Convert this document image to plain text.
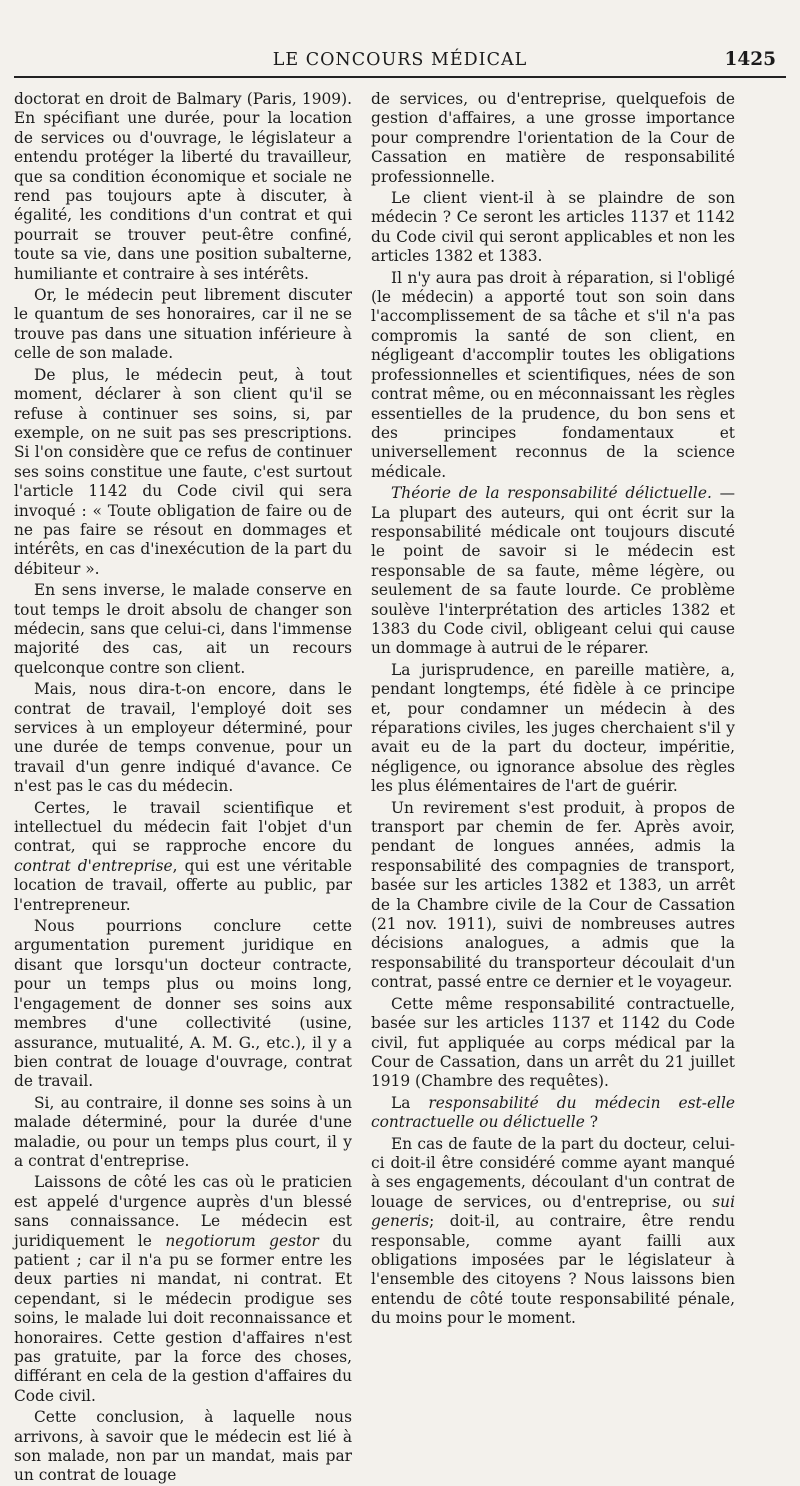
LE CONCOURS MÉDICAL	1425

doctorat en droit de Balmary (Paris, 1909). En spécifiant une durée, pour la location de services ou d'ouvrage, le législateur a entendu protéger la liberté du travailleur, que sa condition économique et sociale ne rend pas toujours apte à discuter, à égalité, les conditions d'un contrat et qui pourrait se trouver peut-être confiné, toute sa vie, dans une position subalterne, humiliante et contraire à ses intérêts.

Or, le médecin peut librement discuter le quantum de ses honoraires, car il ne se trouve pas dans une situation inférieure à celle de son malade.

De plus, le médecin peut, à tout moment, déclarer à son client qu'il se refuse à continuer ses soins, si, par exemple, on ne suit pas ses prescriptions. Si l'on considère que ce refus de continuer ses soins constitue une faute, c'est surtout l'article 1142 du Code civil qui sera invoqué : « Toute obligation de faire ou de ne pas faire se résout en dommages et intérêts, en cas d'inexécution de la part du débiteur ».

En sens inverse, le malade conserve en tout temps le droit absolu de changer son médecin, sans que celui-ci, dans l'immense majorité des cas, ait un recours quelconque contre son client.

Mais, nous dira-t-on encore, dans le contrat de travail, l'employé doit ses services à un employeur déterminé, pour une durée de temps convenue, pour un travail d'un genre indiqué d'avance. Ce n'est pas le cas du médecin.

Certes, le travail scientifique et intellectuel du médecin fait l'objet d'un contrat, qui se rapproche encore du contrat d'entreprise, qui est une véritable location de travail, offerte au public, par l'entrepreneur.

Nous pourrions conclure cette argumentation purement juridique en disant que lorsqu'un docteur contracte, pour un temps plus ou moins long, l'engagement de donner ses soins aux membres d'une collectivité (usine, assurance, mutualité, A. M. G., etc.), il y a bien contrat de louage d'ouvrage, contrat de travail.

Si, au contraire, il donne ses soins à un malade déterminé, pour la durée d'une maladie, ou pour un temps plus court, il y a contrat d'entreprise.

Laissons de côté les cas où le praticien est appelé d'urgence auprès d'un blessé sans connaissance. Le médecin est juridiquement le negotiorum gestor du patient ; car il n'a pu se former entre les deux parties ni mandat, ni contrat. Et cependant, si le médecin prodigue ses soins, le malade lui doit reconnaissance et honoraires. Cette gestion d'affaires n'est pas gratuite, par la force des choses, différant en cela de la gestion d'affaires du Code civil.

Cette conclusion, à laquelle nous arrivons, à savoir que le médecin est lié à son malade, non par un mandat, mais par un contrat de louage

de services, ou d'entreprise, quelquefois de gestion d'affaires, a une grosse importance pour comprendre l'orientation de la Cour de Cassation en matière de responsabilité professionnelle.

Le client vient-il à se plaindre de son médecin ? Ce seront les articles 1137 et 1142 du Code civil qui seront applicables et non les articles 1382 et 1383.

Il n'y aura pas droit à réparation, si l'obligé (le médecin) a apporté tout son soin dans l'accomplissement de sa tâche et s'il n'a pas compromis la santé de son client, en négligeant d'accomplir toutes les obligations professionnelles et scientifiques, nées de son contrat même, ou en méconnaissant les règles essentielles de la prudence, du bon sens et des principes fondamentaux et universellement reconnus de la science médicale.

Théorie de la responsabilité délictuelle. — La plupart des auteurs, qui ont écrit sur la responsabilité médicale ont toujours discuté le point de savoir si le médecin est responsable de sa faute, même légère, ou seulement de sa faute lourde. Ce problème soulève l'interprétation des articles 1382 et 1383 du Code civil, obligeant celui qui cause un dommage à autrui de le réparer.

La jurisprudence, en pareille matière, a, pendant longtemps, été fidèle à ce principe et, pour condamner un médecin à des réparations civiles, les juges cherchaient s'il y avait eu de la part du docteur, impéritie, négligence, ou ignorance absolue des règles les plus élémentaires de l'art de guérir.

Un revirement s'est produit, à propos de transport par chemin de fer. Après avoir, pendant de longues années, admis la responsabilité des compagnies de transport, basée sur les articles 1382 et 1383, un arrêt de la Chambre civile de la Cour de Cassation (21 nov. 1911), suivi de nombreuses autres décisions analogues, a admis que la responsabilité du transporteur découlait d'un contrat, passé entre ce dernier et le voyageur.

Cette même responsabilité contractuelle, basée sur les articles 1137 et 1142 du Code civil, fut appliquée au corps médical par la Cour de Cassation, dans un arrêt du 21 juillet 1919 (Chambre des requêtes).

La responsabilité du médecin est-elle contractuelle ou délictuelle ?

En cas de faute de la part du docteur, celui-ci doit-il être considéré comme ayant manqué à ses engagements, découlant d'un contrat de louage de services, ou d'entreprise, ou sui generis; doit-il, au contraire, être rendu responsable, comme ayant failli aux obligations imposées par le législateur à l'ensemble des citoyens ? Nous laissons bien entendu de côté toute responsabilité pénale, du moins pour le moment.
